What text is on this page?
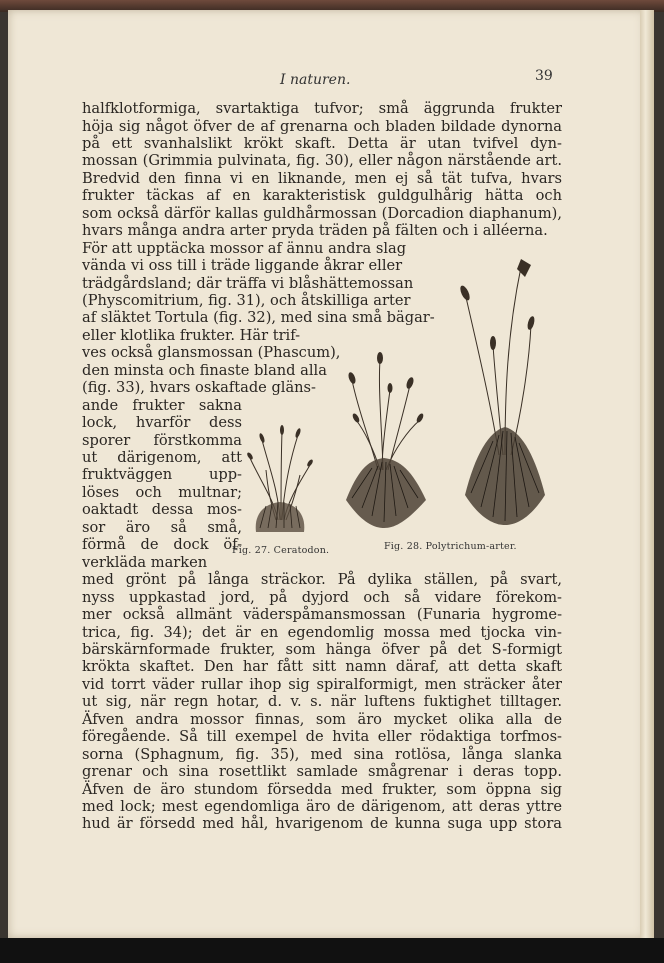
I naturen.	39
halfklotformiga, svartaktiga tufvor; små äggrunda frukter
höja sig något öfver de af grenarna och bladen bildade dynorna
på ett svanhalslikt krökt skaft. Detta är utan tvifvel dyn-
mossan (Grimmia pulvinata, fig. 30), eller någon närstående art.
Bredvid den finna vi en liknande, men ej så tät tufva, hvars
frukter täckas af en karakteristisk guldgulhårig hätta och
som också därför kallas guldhårmossan (Dorcadion diaphanum),
hvars många andra arter pryda träden på fälten och i alléerna.
För att upptäcka mossor af ännu andra slag
vända vi oss till i träde liggande åkrar eller
trädgårdsland; där träffa vi blåshättemossan
(Physcomitrium, fig. 31), och åtskilliga arter
af släktet Tortula (fig. 32), med sina små bägar-
eller klotlika frukter. Här trif-
ves också glansmossan (Phascum),
den minsta och finaste bland alla
(fig. 33), hvars oskaftade gläns-
ande frukter sakna
lock, hvarför dess
sporer förstkomma
ut därigenom, att
fruktväggen upp-
löses och multnar;
oaktadt dessa mos-
sor äro så små,
förmå de dock öf-
verkläda marken
med grönt på långa sträckor. På dylika ställen, på svart,
nyss uppkastad jord, på dyjord och så vidare förekom-
mer också allmänt väderspåmansmossan (Funaria hygrome-
trica, fig. 34); det är en egendomlig mossa med tjocka vin-
bärskärnformade frukter, som hänga öfver på det S-formigt
krökta skaftet. Den har fått sitt namn däraf, att detta skaft
vid torrt väder rullar ihop sig spiralformigt, men sträcker åter
ut sig, när regn hotar, d. v. s. när luftens fuktighet tilltager.
Äfven andra mossor finnas, som äro mycket olika alla de
föregående. Så till exempel de hvita eller rödaktiga torfmos-
sorna (Sphagnum, fig. 35), med sina rotlösa, långa slanka
grenar och sina rosettlikt samlade smågrenar i deras topp.
Äfven de äro stundom försedda med frukter, som öppna sig
med lock; mest egendomliga äro de därigenom, att deras yttre
hud är försedd med hål, hvarigenom de kunna suga upp stora
Fig. 27. Ceratodon.	Fig. 28. Polytrichum-arter.
